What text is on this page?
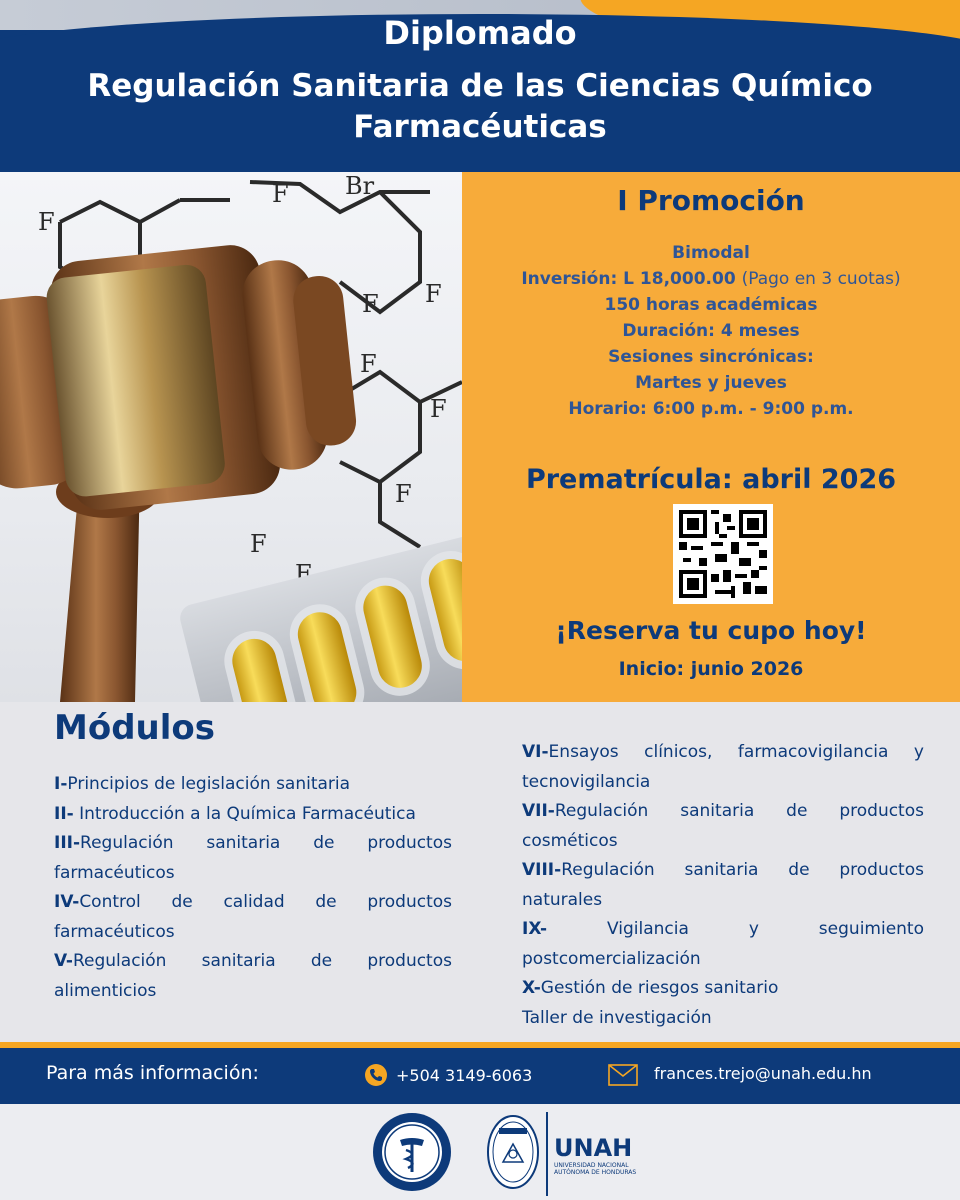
Diplomado
Regulación Sanitaria de las Ciencias Químico Farmacéuticas
F
F Br
F
F
F
F
F
F
F
I Promoción
Bimodal
Inversión: L 18,000.00 (Pago en 3 cuotas)
150 horas académicas
Duración: 4 meses
Sesiones sincrónicas:
Martes y jueves
Horario: 6:00 p.m. - 9:00 p.m.
Prematrícula: abril 2026
¡Reserva tu cupo hoy!
Inicio: junio 2026
Módulos
I-Principios de legislación sanitaria
II- Introducción a la Química Farmacéutica
III-Regulación sanitaria de productos farmacéuticos
IV-Control de calidad de productos farmacéuticos
V-Regulación sanitaria de productos alimenticios
VI-Ensayos clínicos, farmacovigilancia y tecnovigilancia
VII-Regulación sanitaria de productos cosméticos
VIII-Regulación sanitaria de productos naturales
IX- Vigilancia y seguimiento postcomercialización
X-Gestión de riesgos sanitario
Taller de investigación
Para más información:	+504 3149-6063	frances.trejo@unah.edu.hn
UNAH
UNIVERSIDAD NACIONAL AUTÓNOMA DE HONDURAS
